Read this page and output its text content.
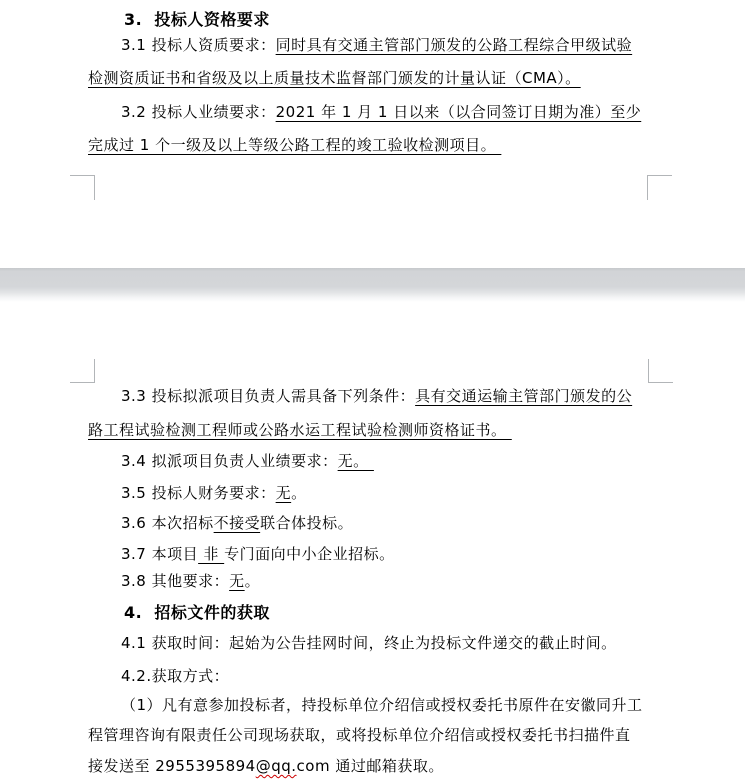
3.  投标人资格要求
3.1 投标人资质要求：同时具有交通主管部门颁发的公路工程综合甲级试验
检测资质证书和省级及以上质量技术监督部门颁发的计量认证（CMA）。
3.2 投标人业绩要求：2021 年 1 月 1 日以来（以合同签订日期为准）至少
完成过 1 个一级及以上等级公路工程的竣工验收检测项目。
3.3 投标拟派项目负责人需具备下列条件：具有交通运输主管部门颁发的公
路工程试验检测工程师或公路水运工程试验检测师资格证书。
3.4 拟派项目负责人业绩要求：无。
3.5 投标人财务要求：无。
3.6 本次招标不接受联合体投标。
3.7 本项目 非 专门面向中小企业招标。
3.8 其他要求：无。
4.  招标文件的获取
4.1 获取时间：起始为公告挂网时间，终止为投标文件递交的截止时间。
4.2.获取方式：
（1）凡有意参加投标者，持投标单位介绍信或授权委托书原件在安徽同升工
程管理咨询有限责任公司现场获取，或将投标单位介绍信或授权委托书扫描件直
接发送至 2955395894@qq.com 通过邮箱获取。
